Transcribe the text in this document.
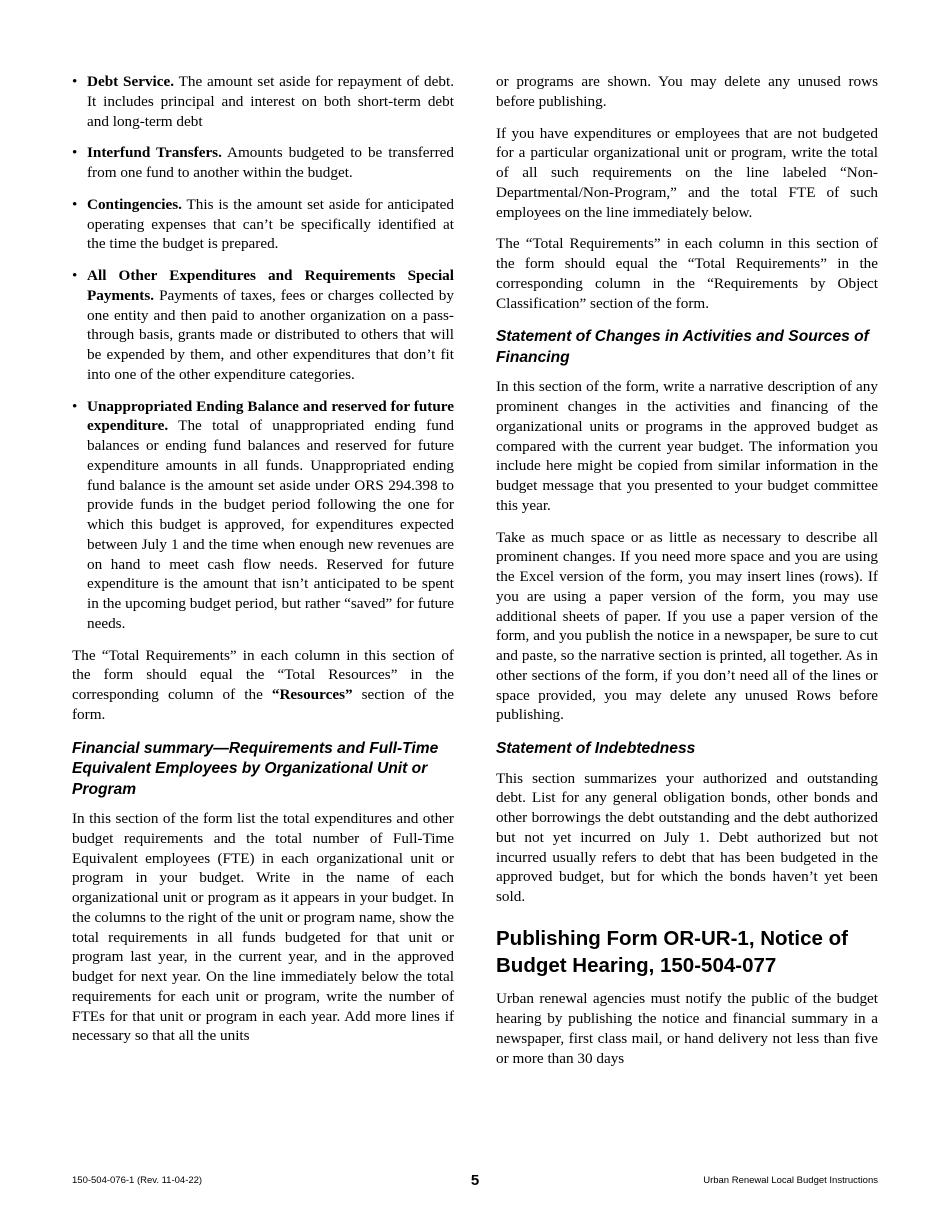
• Debt Service. The amount set aside for repayment of debt. It includes principal and interest on both short-term debt and long-term debt
• Interfund Transfers. Amounts budgeted to be transferred from one fund to another within the budget.
• Contingencies. This is the amount set aside for anticipated operating expenses that can’t be specifically identified at the time the budget is prepared.
• All Other Expenditures and Requirements Special Payments. Payments of taxes, fees or charges collected by one entity and then paid to another organization on a pass-through basis, grants made or distributed to others that will be expended by them, and other expenditures that don’t fit into one of the other expenditure categories.
• Unappropriated Ending Balance and reserved for future expenditure. The total of unappropriated ending fund balances or ending fund balances and reserved for future expenditure amounts in all funds. Unappropriated ending fund balance is the amount set aside under ORS 294.398 to provide funds in the budget period following the one for which this budget is approved, for expenditures expected between July 1 and the time when enough new revenues are on hand to meet cash flow needs. Reserved for future expenditure is the amount that isn’t anticipated to be spent in the upcoming budget period, but rather “saved” for future needs.

The “Total Requirements” in each column in this section of the form should equal the “Total Resources” in the corresponding column of the “Resources” section of the form.

Financial summary—Requirements and Full-Time Equivalent Employees by Organizational Unit or Program

In this section of the form list the total expenditures and other budget requirements and the total number of Full-Time Equivalent employees (FTE) in each organizational unit or program in your budget. Write in the name of each organizational unit or program as it appears in your budget. In the columns to the right of the unit or program name, show the total requirements in all funds budgeted for that unit or program last year, in the current year, and in the approved budget for next year. On the line immediately below the total requirements for each unit or program, write the number of FTEs for that unit or program in each year. Add more lines if necessary so that all the units

or programs are shown. You may delete any unused rows before publishing.

If you have expenditures or employees that are not budgeted for a particular organizational unit or program, write the total of all such requirements on the line labeled “Non-Departmental/Non-Program,” and the total FTE of such employees on the line immediately below.

The “Total Requirements” in each column in this section of the form should equal the “Total Requirements” in the corresponding column in the “Requirements by Object Classification” section of the form.

Statement of Changes in Activities and Sources of Financing

In this section of the form, write a narrative description of any prominent changes in the activities and financing of the organizational units or programs in the approved budget as compared with the current year budget. The information you include here might be copied from similar information in the budget message that you presented to your budget committee this year.

Take as much space or as little as necessary to describe all prominent changes. If you need more space and you are using the Excel version of the form, you may insert lines (rows). If you are using a paper version of the form, you may use additional sheets of paper. If you use a paper version of the form, and you publish the notice in a newspaper, be sure to cut and paste, so the narrative section is printed, all together. As in other sections of the form, if you don’t need all of the lines or space provided, you may delete any unused Rows before publishing.

Statement of Indebtedness

This section summarizes your authorized and outstanding debt. List for any general obligation bonds, other bonds and other borrowings the debt outstanding and the debt authorized but not yet incurred on July 1. Debt authorized but not incurred usually refers to debt that has been budgeted in the approved budget, but for which the bonds haven’t yet been sold.

Publishing Form OR-UR-1, Notice of Budget Hearing, 150-504-077

Urban renewal agencies must notify the public of the budget hearing by publishing the notice and financial summary in a newspaper, first class mail, or hand delivery not less than five or more than 30 days

150-504-076-1 (Rev. 11-04-22)	5	Urban Renewal Local Budget Instructions
